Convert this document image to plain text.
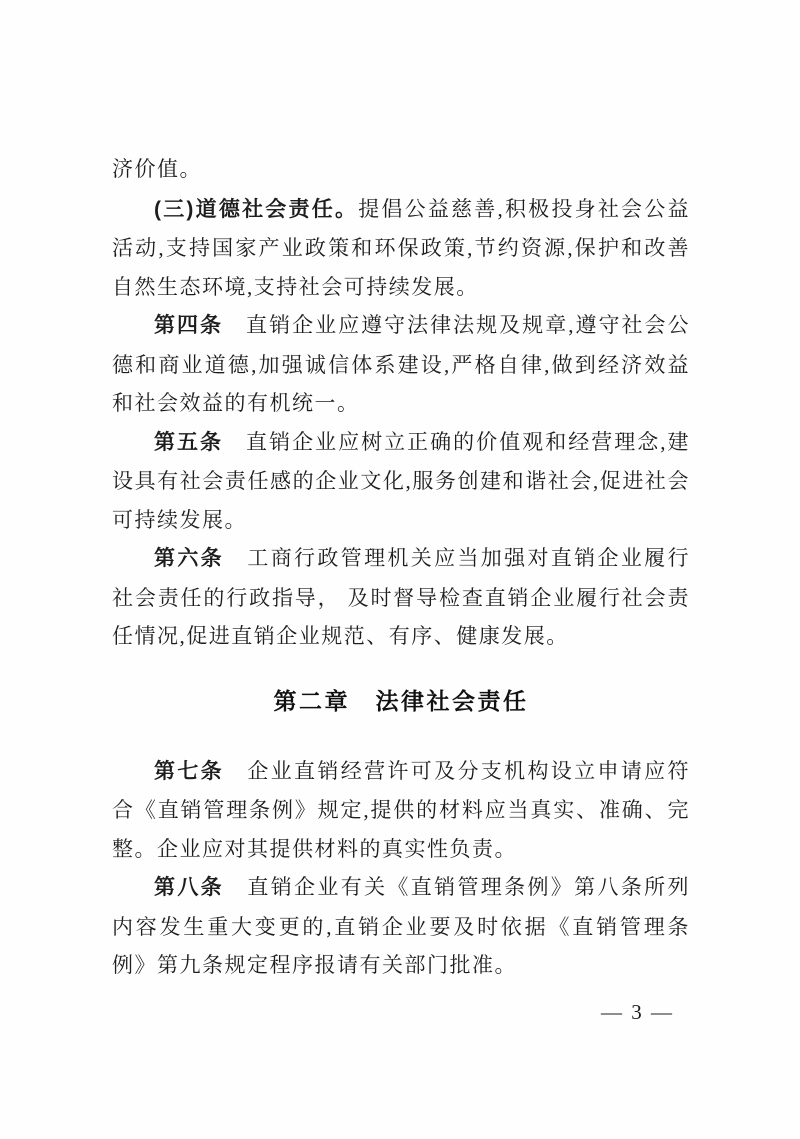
济价值。

(三)道德社会责任。提倡公益慈善,积极投身社会公益活动,支持国家产业政策和环保政策,节约资源,保护和改善自然生态环境,支持社会可持续发展。

第四条　直销企业应遵守法律法规及规章,遵守社会公德和商业道德,加强诚信体系建设,严格自律,做到经济效益和社会效益的有机统一。

第五条　直销企业应树立正确的价值观和经营理念,建设具有社会责任感的企业文化,服务创建和谐社会,促进社会可持续发展。

第六条　工商行政管理机关应当加强对直销企业履行社会责任的行政指导， 及时督导检查直销企业履行社会责任情况,促进直销企业规范、有序、健康发展。

第二章　法律社会责任

第七条　企业直销经营许可及分支机构设立申请应符合《直销管理条例》规定,提供的材料应当真实、准确、完整。企业应对其提供材料的真实性负责。

第八条　直销企业有关《直销管理条例》第八条所列内容发生重大变更的,直销企业要及时依据《直销管理条例》第九条规定程序报请有关部门批准。

— 3 —
